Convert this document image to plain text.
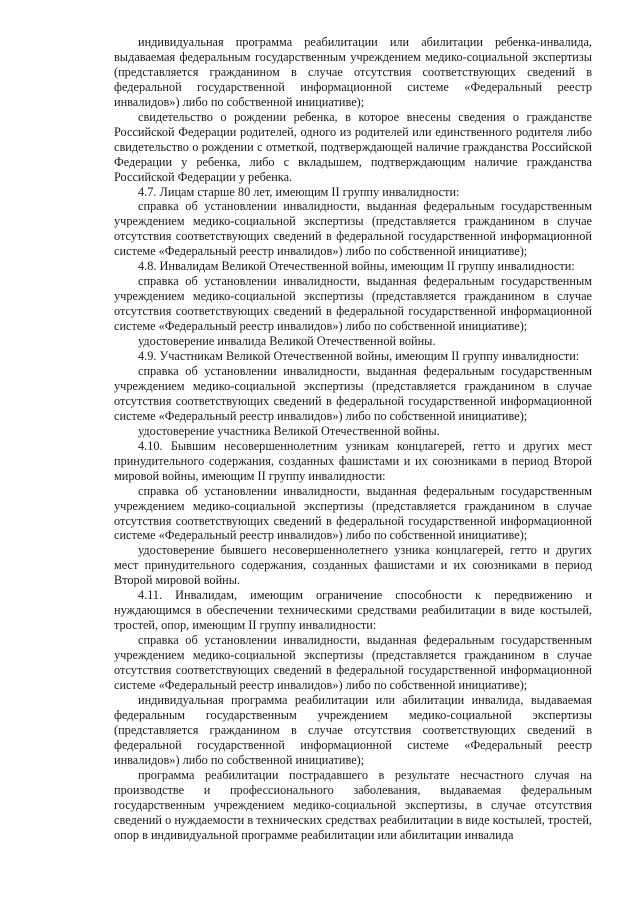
индивидуальная программа реабилитации или абилитации ребенка-инвалида, выдаваемая федеральным государственным учреждением медико-социальной экспертизы (представляется гражданином в случае отсутствия соответствующих сведений в федеральной государственной информационной системе «Федеральный реестр инвалидов») либо по собственной инициативе);

свидетельство о рождении ребенка, в которое внесены сведения о гражданстве Российской Федерации родителей, одного из родителей или единственного родителя либо свидетельство о рождении с отметкой, подтверждающей наличие гражданства Российской Федерации у ребенка, либо с вкладышем, подтверждающим наличие гражданства Российской Федерации у ребенка.

4.7. Лицам старше 80 лет, имеющим II группу инвалидности:

справка об установлении инвалидности, выданная федеральным государственным учреждением медико-социальной экспертизы (представляется гражданином в случае отсутствия соответствующих сведений в федеральной государственной информационной системе «Федеральный реестр инвалидов») либо по собственной инициативе);

4.8. Инвалидам Великой Отечественной войны, имеющим II группу инвалидности:

справка об установлении инвалидности, выданная федеральным государственным учреждением медико-социальной экспертизы (представляется гражданином в случае отсутствия соответствующих сведений в федеральной государственной информационной системе «Федеральный реестр инвалидов») либо по собственной инициативе);

удостоверение инвалида Великой Отечественной войны.

4.9. Участникам Великой Отечественной войны, имеющим II группу инвалидности:

справка об установлении инвалидности, выданная федеральным государственным учреждением медико-социальной экспертизы (представляется гражданином в случае отсутствия соответствующих сведений в федеральной государственной информационной системе «Федеральный реестр инвалидов») либо по собственной инициативе);

удостоверение участника Великой Отечественной войны.

4.10. Бывшим несовершеннолетним узникам концлагерей, гетто и других мест принудительного содержания, созданных фашистами и их союзниками в период Второй мировой войны, имеющим II группу инвалидности:

справка об установлении инвалидности, выданная федеральным государственным учреждением медико-социальной экспертизы (представляется гражданином в случае отсутствия соответствующих сведений в федеральной государственной информационной системе «Федеральный реестр инвалидов») либо по собственной инициативе);

удостоверение бывшего несовершеннолетнего узника концлагерей, гетто и других мест принудительного содержания, созданных фашистами и их союзниками в период Второй мировой войны.

4.11. Инвалидам, имеющим ограничение способности к передвижению и нуждающимся в обеспечении техническими средствами реабилитации в виде костылей, тростей, опор, имеющим II группу инвалидности:

справка об установлении инвалидности, выданная федеральным государственным учреждением медико-социальной экспертизы (представляется гражданином в случае отсутствия соответствующих сведений в федеральной государственной информационной системе «Федеральный реестр инвалидов») либо по собственной инициативе);

индивидуальная программа реабилитации или абилитации инвалида, выдаваемая федеральным государственным учреждением медико-социальной экспертизы (представляется гражданином в случае отсутствия соответствующих сведений в федеральной государственной информационной системе «Федеральный реестр инвалидов») либо по собственной инициативе);

программа реабилитации пострадавшего в результате несчастного случая на производстве и профессионального заболевания, выдаваемая федеральным государственным учреждением медико-социальной экспертизы, в случае отсутствия сведений о нуждаемости в технических средствах реабилитации в виде костылей, тростей, опор в индивидуальной программе реабилитации или абилитации инвалида
